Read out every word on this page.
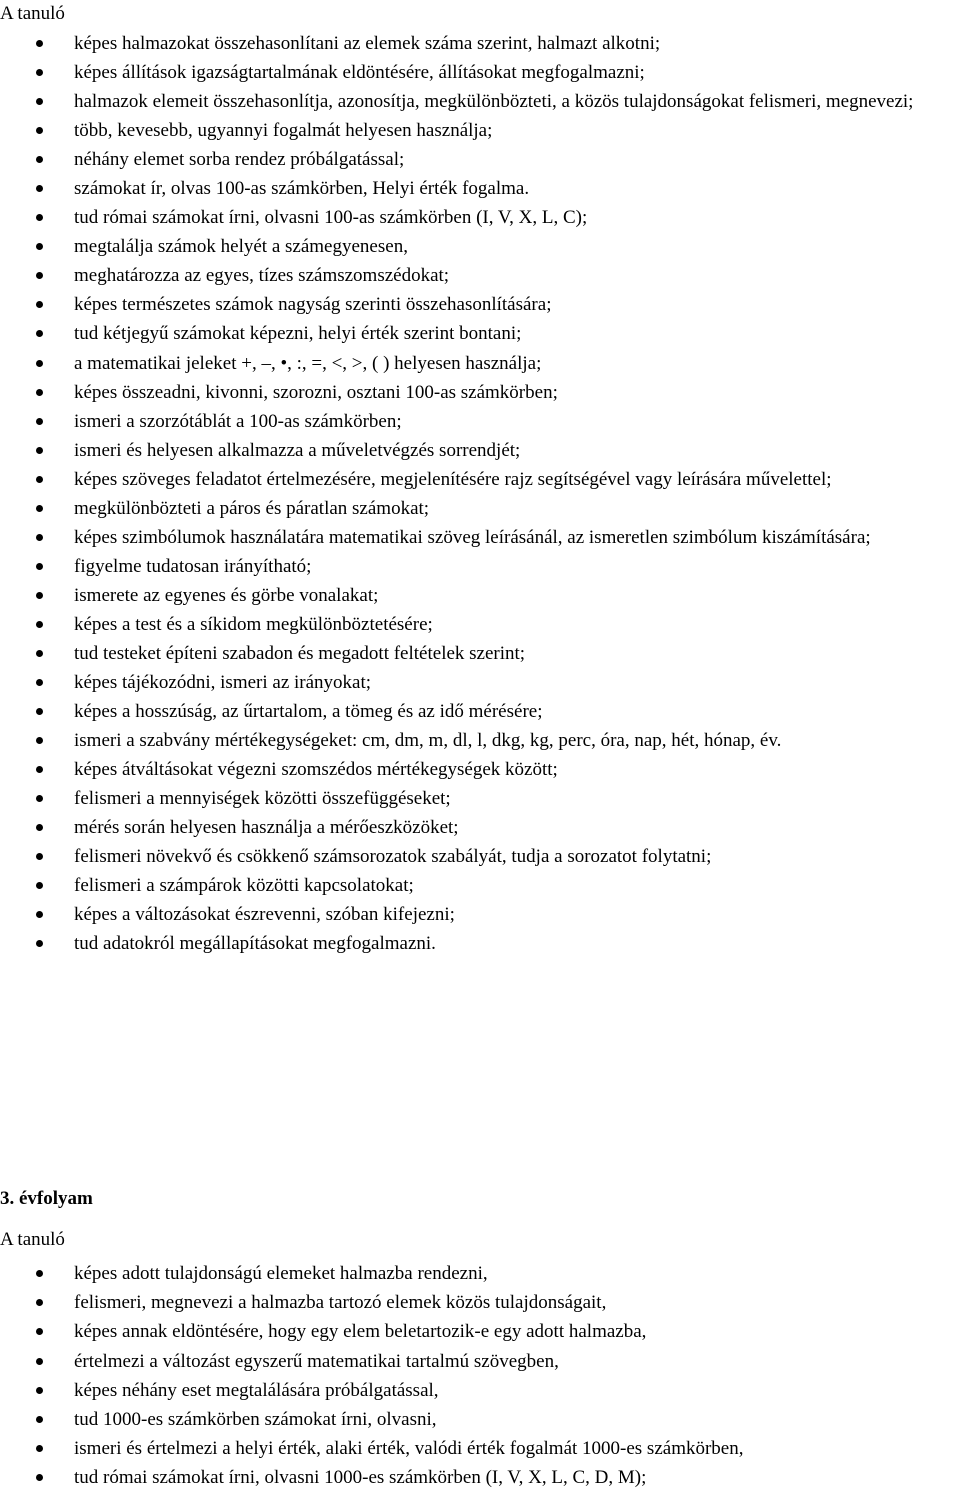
A tanuló
képes halmazokat összehasonlítani az elemek száma szerint, halmazt alkotni;
képes állítások igazságtartalmának eldöntésére, állításokat megfogalmazni;
halmazok elemeit összehasonlítja, azonosítja, megkülönbözteti, a közös tulajdonságokat felismeri, megnevezi;
több, kevesebb, ugyannyi fogalmát helyesen használja;
néhány elemet sorba rendez próbálgatással;
számokat ír, olvas 100-as számkörben, Helyi érték fogalma.
tud római számokat írni, olvasni 100-as számkörben (I, V, X, L, C);
megtalálja számok helyét a számegyenesen,
meghatározza az egyes, tízes számszomszédokat;
képes természetes számok nagyság szerinti összehasonlítására;
tud kétjegyű számokat képezni, helyi érték szerint bontani;
a matematikai jeleket +, –, •, :, =, <, >, ( ) helyesen használja;
képes összeadni, kivonni, szorozni, osztani 100-as számkörben;
ismeri a szorzótáblát a 100-as számkörben;
ismeri és helyesen alkalmazza a műveletvégzés sorrendjét;
képes szöveges feladatot értelmezésére, megjelenítésére rajz segítségével vagy leírására művelettel;
megkülönbözteti a páros és páratlan számokat;
képes szimbólumok használatára matematikai szöveg leírásánál, az ismeretlen szimbólum kiszámítására;
figyelme tudatosan irányítható;
ismerete az egyenes és görbe vonalakat;
képes a test és a síkidom megkülönböztetésére;
tud testeket építeni szabadon és megadott feltételek szerint;
képes tájékozódni, ismeri az irányokat;
képes a hosszúság, az űrtartalom, a tömeg és az idő mérésére;
ismeri a szabvány mértékegységeket: cm, dm, m, dl, l, dkg, kg, perc, óra, nap, hét, hónap, év.
képes átváltásokat végezni szomszédos mértékegységek között;
felismeri a mennyiségek közötti összefüggéseket;
mérés során helyesen használja a mérőeszközöket;
felismeri növekvő és csökkenő számsorozatok szabályát, tudja a sorozatot folytatni;
felismeri a számpárok közötti kapcsolatokat;
képes a változásokat észrevenni, szóban kifejezni;
tud adatokról megállapításokat megfogalmazni.
3. évfolyam
A tanuló
képes adott tulajdonságú elemeket halmazba rendezni,
felismeri, megnevezi a halmazba tartozó elemek közös tulajdonságait,
képes annak eldöntésére, hogy egy elem beletartozik-e egy adott halmazba,
értelmezi a változást egyszerű matematikai tartalmú szövegben,
képes néhány eset megtalálására próbálgatással,
tud 1000-es számkörben számokat írni, olvasni,
ismeri és értelmezi a helyi érték, alaki érték, valódi érték fogalmát 1000-es számkörben,
tud római számokat írni, olvasni 1000-es számkörben (I, V, X, L, C, D, M);
